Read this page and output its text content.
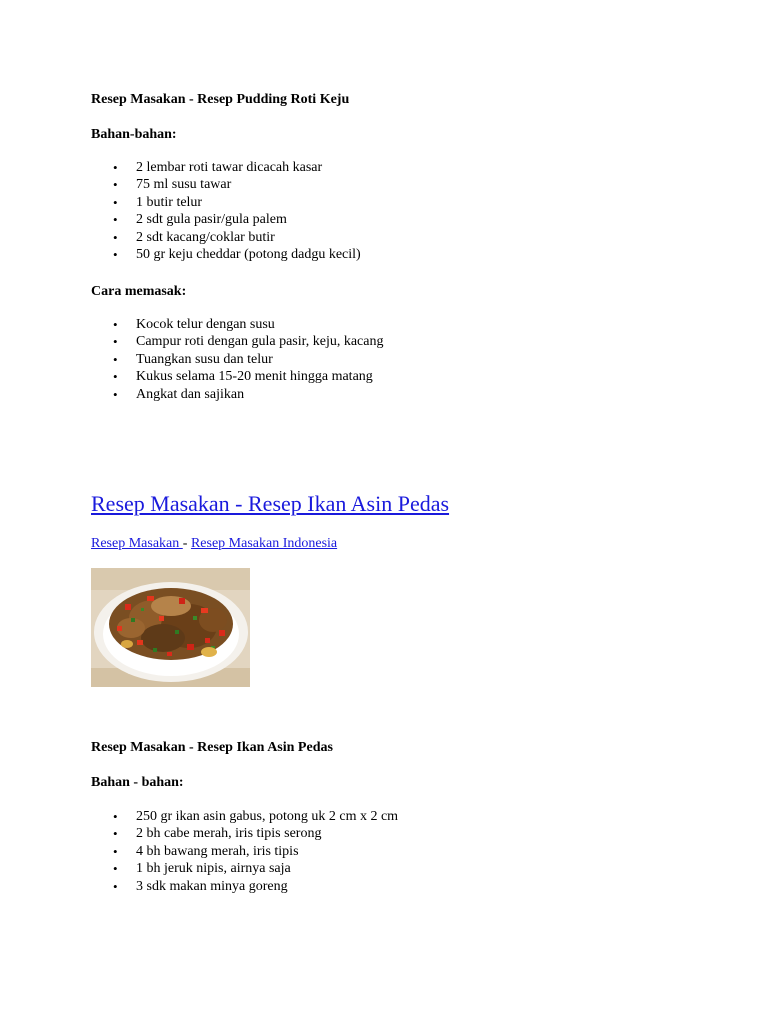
Resep Masakan - Resep Pudding Roti Keju

Bahan-bahan:

• 2 lembar roti tawar dicacah kasar
• 75 ml susu tawar
• 1 butir telur
• 2 sdt gula pasir/gula palem
• 2 sdt kacang/coklar butir
• 50 gr keju cheddar (potong dadgu kecil)

Cara memasak:

• Kocok telur dengan susu
• Campur roti dengan gula pasir, keju, kacang
• Tuangkan susu dan telur
• Kukus selama 15-20 menit hingga matang
• Angkat dan sajikan
Resep Masakan - Resep Ikan Asin Pedas

Resep Masakan - Resep Masakan Indonesia

Resep Masakan - Resep Ikan Asin Pedas

Bahan - bahan:

• 250 gr ikan asin gabus, potong uk 2 cm x 2 cm
• 2 bh cabe merah, iris tipis serong
• 4 bh bawang merah, iris tipis
• 1 bh jeruk nipis, airnya saja
• 3 sdk makan minya goreng
